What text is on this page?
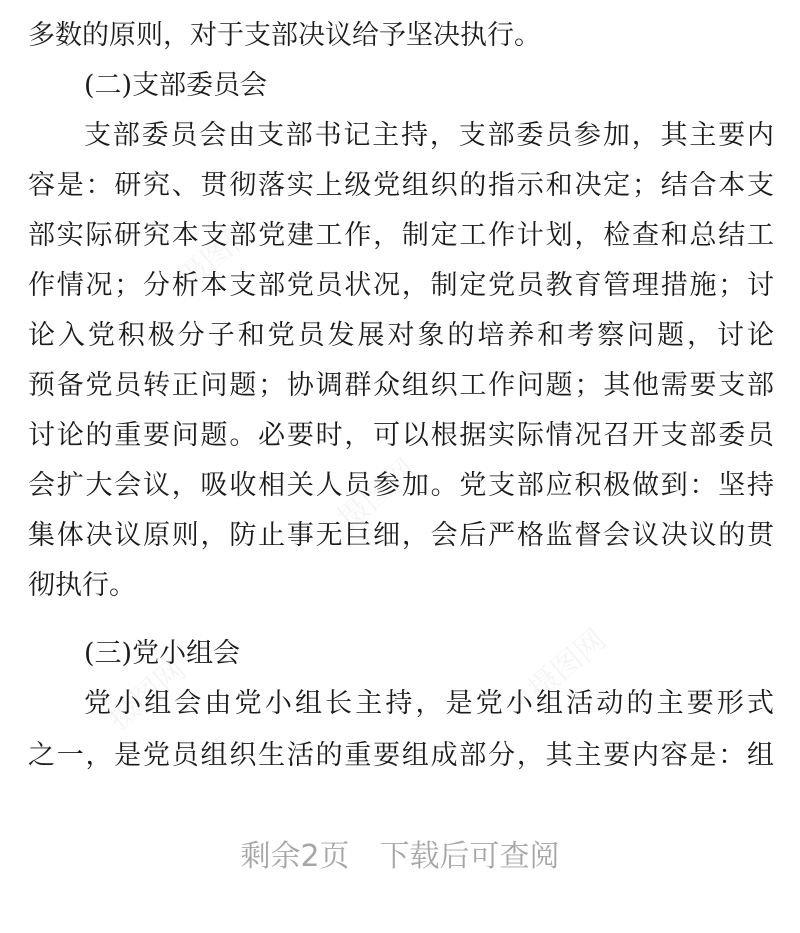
多数的原则，对于支部决议给予坚决执行。
(二)支部委员会
支部委员会由支部书记主持，支部委员参加，其主要内
容是：研究、贯彻落实上级党组织的指示和决定；结合本支
部实际研究本支部党建工作，制定工作计划，检查和总结工
作情况；分析本支部党员状况，制定党员教育管理措施；讨
论入党积极分子和党员发展对象的培养和考察问题，讨论
预备党员转正问题；协调群众组织工作问题；其他需要支部
讨论的重要问题。必要时，可以根据实际情况召开支部委员
会扩大会议，吸收相关人员参加。党支部应积极做到：坚持
集体决议原则，防止事无巨细，会后严格监督会议决议的贯
彻执行。
(三)党小组会
党小组会由党小组长主持，是党小组活动的主要形式
之一，是党员组织生活的重要组成部分，其主要内容是：组
剩余2页　下载后可查阅
